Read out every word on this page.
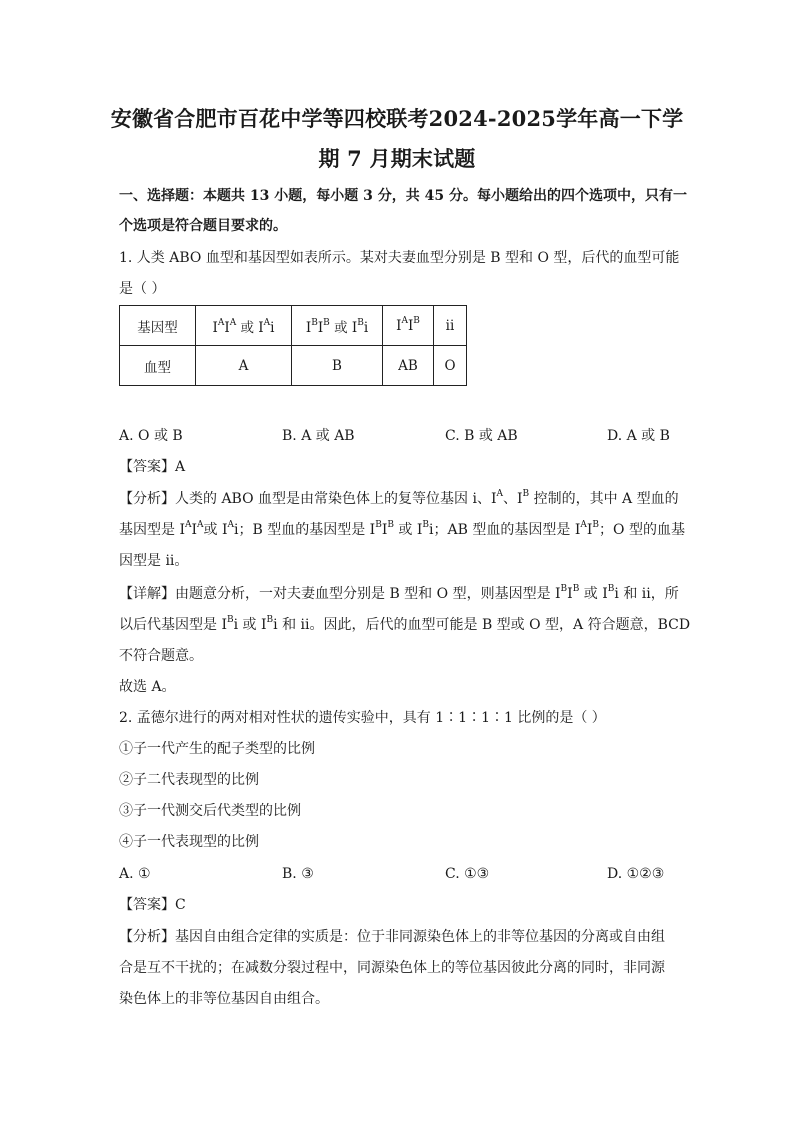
安徽省合肥市百花中学等四校联考2024-2025学年高一下学
期 7 月期末试题
一、选择题：本题共 13 小题，每小题 3 分，共 45 分。每小题给出的四个选项中，只有一
个选项是符合题目要求的。
1. 人类 ABO 血型和基因型如表所示。某对夫妻血型分别是 B 型和 O 型，后代的血型可能
是（ ）
基因型	$I^AI^A$ 或 $I^Ai$	$I^BI^B$ 或 $I^Bi$	$I^AI^B$	ii
血型	A	B	AB	O
A. O 或 B	B. A 或 AB	C. B 或 AB	D. A 或 B
【答案】A
【分析】人类的 ABO 血型是由常染色体上的复等位基因 i、$I^A$、$I^B$ 控制的，其中 A 型血的
基因型是 $I^AI^A$或 $I^Ai$；B 型血的基因型是 $I^BI^B$ 或 $I^Bi$；AB 型血的基因型是 $I^AI^B$；O 型的血基
因型是 ii。
【详解】由题意分析，一对夫妻血型分别是 B 型和 O 型，则基因型是 $I^BI^B$ 或 $I^Bi$ 和 ii，所
以后代基因型是 $I^Bi$ 或 $I^Bi$ 和 ii。因此，后代的血型可能是 B 型或 O 型，A 符合题意，BCD
不符合题意。
故选 A。
2. 孟德尔进行的两对相对性状的遗传实验中，具有 1∶1∶1∶1 比例的是（ ）
①子一代产生的配子类型的比例
②子二代表现型的比例
③子一代测交后代类型的比例
④子一代表现型的比例
A. ①	B. ③	C. ①③	D. ①②③
【答案】C
【分析】基因自由组合定律的实质是：位于非同源染色体上的非等位基因的分离或自由组
合是互不干扰的；在减数分裂过程中，同源染色体上的等位基因彼此分离的同时，非同源
染色体上的非等位基因自由组合。
